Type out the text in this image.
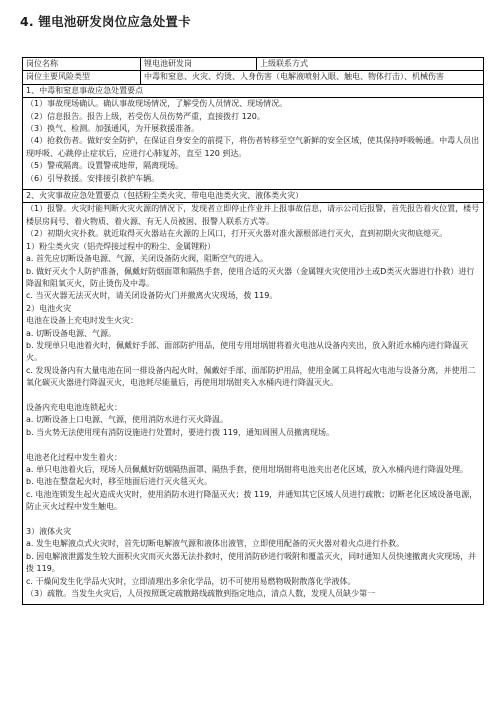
4. 锂电池研发岗位应急处置卡
岗位名称	锂电池研发岗	上级联系方式
岗位主要风险类型	中毒和窒息、火灾、灼烫、人身伤害（电解液喷射入眼、触电、物体打击）、机械伤害
1、中毒和窒息事故应急处置要点
（1）事故现场确认。确认事故现场情况，了解受伤人员情况、现场情况。
（2）信息报告。报告上级，若受伤人员伤势严重，直接拨打 120。
（3）换气、检测。加强通风，为开展救援准备。
（4）抢救伤者。做好安全防护，在保证自身安全的前提下，将伤者转移至空气新鲜的安全区域，使其保持呼吸畅通。中毒人员出现呼吸、心跳停止症状后，应进行心肺复苏，直至 120 到达。
（5）警戒隔离。设置警戒地带，隔离现场。
（6）引导救援。安排接引救护车辆。
2、火灾事故应急处置要点（包括粉尘类火灾、带电电池类火灾、液体类火灾）
（1）报警。火灾时能判断火灾火源的情况下，发现者立即停止作业并上报事故信息，请示公司后报警，首先报告着火位置，楼号楼层房间号、着火物质、着火源、有无人员被困、报警人联系方式等。
（2）初期火灾扑救。就近取得灭火器站在火源的上风口，打开灭火器对准火源根部进行灭火，直到初期火灾彻底熄灭。
1）粉尘类火灾（铝壳焊接过程中的粉尘、金属锂粉）
a. 首先应切断设备电源、气源，关闭设备防火阀，阻断空气的进入。
b. 做好灭火个人防护准备，佩戴好防烟面罩和隔热手套，使用合适的灭火器（金属锂火灾使用沙土或D类灭火器进行扑救）进行降温和阻氧灭火，防止烫伤及中毒。
c. 当灭火器无法灭火时，请关闭设备防火门并撤离火灾现场，拨 119。
2）电池火灾
电池在设备上充电时发生火灾：
a. 切断设备电源、气源。
b. 发现单只电池着火时，佩戴好手部、面部防护用品，使用专用坩埚钳将着火电池从设备内夹出，放入附近水桶内进行降温灭火。
c. 发现设备内有大量电池在同一排设备内起火时，佩戴好手部、面部防护用品，使用金属工具将起火电池与设备分离，并使用二氧化碳灭火器进行降温灭火，电池耗尽能量后，再使用坩埚钳夹入水桶内进行降温灭火。
设备内充电电池连锁起火：
a. 切断设备上口电源、气源，使用消防水进行灭火降温。
b. 当火势无法使用现有消防设施进行处置时，要进行拨 119，通知周围人员撤离现场。
电池老化过程中发生着火：
a. 单只电池着火后，现场人员佩戴好防烟隔热面罩、隔热手套，使用坩埚钳将电池夹出老化区域，放入水桶内进行降温处理。
b. 电池在整盘起火时，移至地面后进行灭火毯灭火。
c. 电池连锁发生起火造成火灾时，使用消防水进行降温灭火；拨 119，并通知其它区域人员进行疏散；切断老化区域设备电源，防止灭火过程中发生触电。
3）液体火灾
a. 发生电解液点式火灾时，首先切断电解液气源和液体出液管，立即使用配备的灭火器对着火点进行扑救。
b. 因电解液泄露发生较大面积火灾而灭火器无法扑救时，使用消防砂进行吸附和覆盖灭火，同时通知人员快速撤离火灾现场，并拨 119。
c. 干燥间发生化学品火灾时，立即清理出多余化学品，切不可使用易燃物吸附散落化学液体。
（3）疏散。当发生火灾后，人员按照既定疏散路线疏散到指定地点，清点人数，发现人员缺少第一
